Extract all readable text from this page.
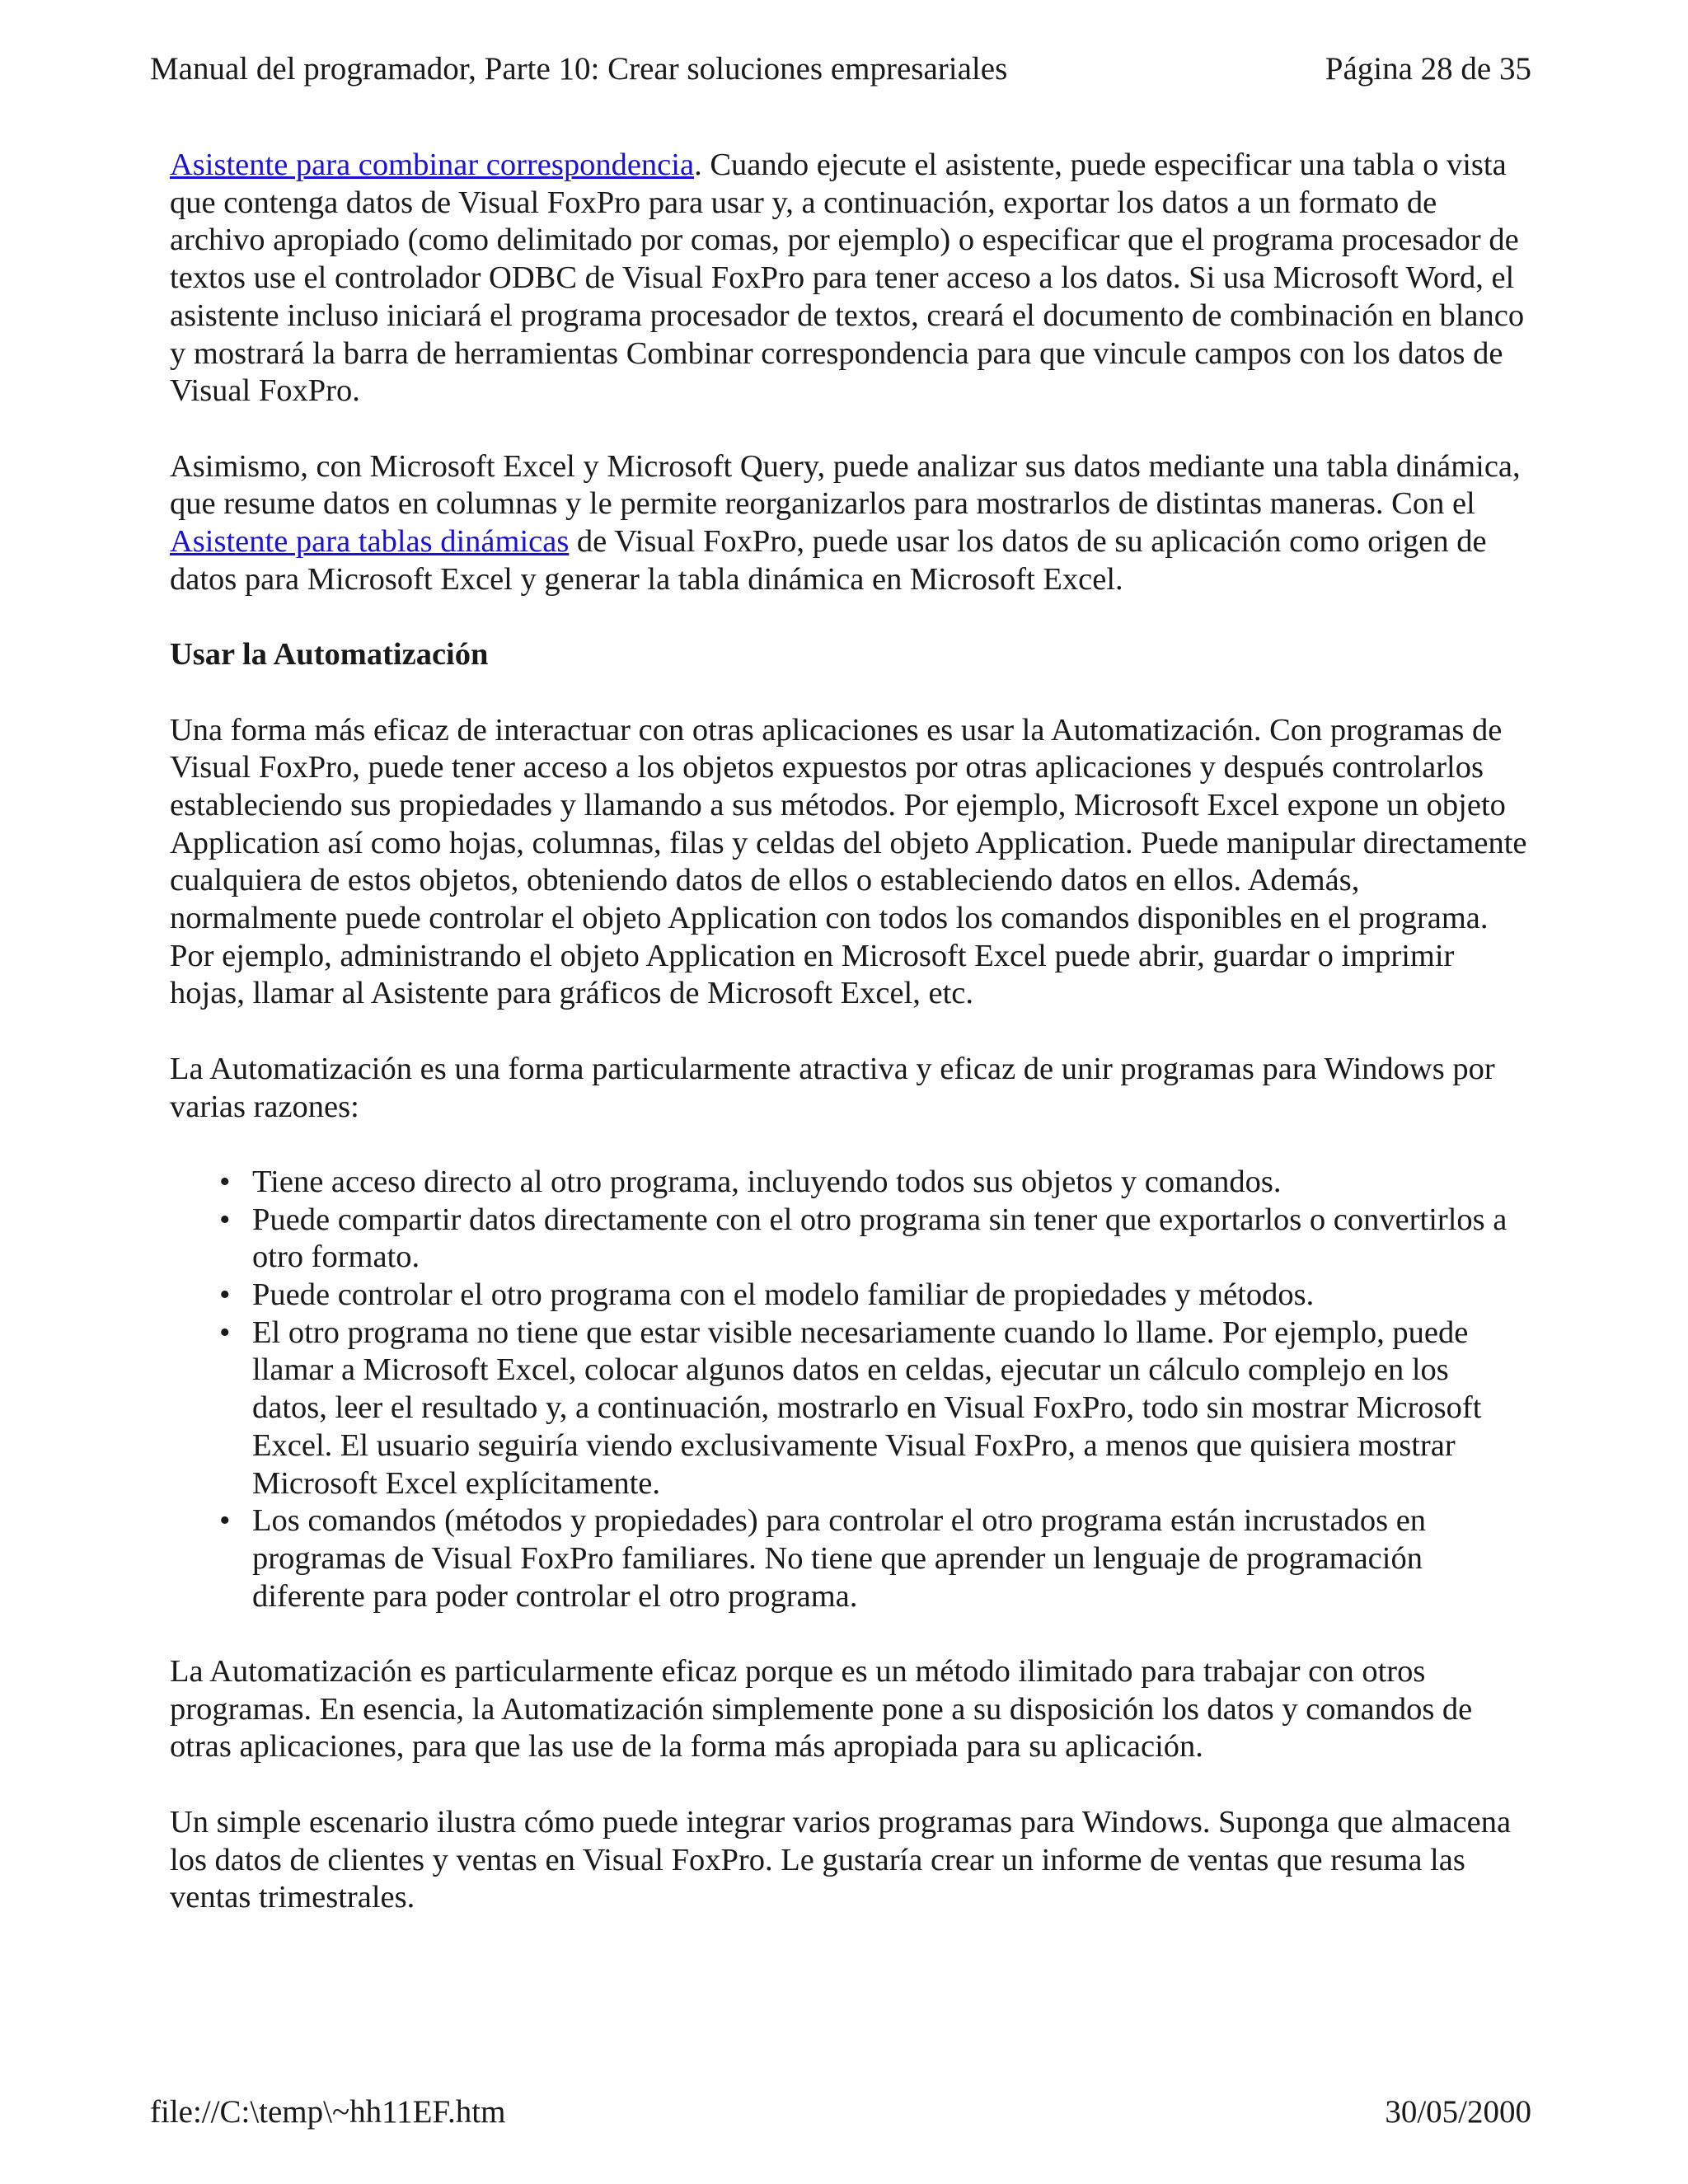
Manual del programador, Parte 10: Crear soluciones empresariales	Página 28 de 35

Asistente para combinar correspondencia. Cuando ejecute el asistente, puede especificar una tabla o vista que contenga datos de Visual FoxPro para usar y, a continuación, exportar los datos a un formato de archivo apropiado (como delimitado por comas, por ejemplo) o especificar que el programa procesador de textos use el controlador ODBC de Visual FoxPro para tener acceso a los datos. Si usa Microsoft Word, el asistente incluso iniciará el programa procesador de textos, creará el documento de combinación en blanco y mostrará la barra de herramientas Combinar correspondencia para que vincule campos con los datos de Visual FoxPro.

Asimismo, con Microsoft Excel y Microsoft Query, puede analizar sus datos mediante una tabla dinámica, que resume datos en columnas y le permite reorganizarlos para mostrarlos de distintas maneras. Con el Asistente para tablas dinámicas de Visual FoxPro, puede usar los datos de su aplicación como origen de datos para Microsoft Excel y generar la tabla dinámica en Microsoft Excel.

Usar la Automatización

Una forma más eficaz de interactuar con otras aplicaciones es usar la Automatización. Con programas de Visual FoxPro, puede tener acceso a los objetos expuestos por otras aplicaciones y después controlarlos estableciendo sus propiedades y llamando a sus métodos. Por ejemplo, Microsoft Excel expone un objeto Application así como hojas, columnas, filas y celdas del objeto Application. Puede manipular directamente cualquiera de estos objetos, obteniendo datos de ellos o estableciendo datos en ellos. Además, normalmente puede controlar el objeto Application con todos los comandos disponibles en el programa. Por ejemplo, administrando el objeto Application en Microsoft Excel puede abrir, guardar o imprimir hojas, llamar al Asistente para gráficos de Microsoft Excel, etc.

La Automatización es una forma particularmente atractiva y eficaz de unir programas para Windows por varias razones:

• Tiene acceso directo al otro programa, incluyendo todos sus objetos y comandos.
• Puede compartir datos directamente con el otro programa sin tener que exportarlos o convertirlos a otro formato.
• Puede controlar el otro programa con el modelo familiar de propiedades y métodos.
• El otro programa no tiene que estar visible necesariamente cuando lo llame. Por ejemplo, puede llamar a Microsoft Excel, colocar algunos datos en celdas, ejecutar un cálculo complejo en los datos, leer el resultado y, a continuación, mostrarlo en Visual FoxPro, todo sin mostrar Microsoft Excel. El usuario seguiría viendo exclusivamente Visual FoxPro, a menos que quisiera mostrar Microsoft Excel explícitamente.
• Los comandos (métodos y propiedades) para controlar el otro programa están incrustados en programas de Visual FoxPro familiares. No tiene que aprender un lenguaje de programación diferente para poder controlar el otro programa.

La Automatización es particularmente eficaz porque es un método ilimitado para trabajar con otros programas. En esencia, la Automatización simplemente pone a su disposición los datos y comandos de otras aplicaciones, para que las use de la forma más apropiada para su aplicación.

Un simple escenario ilustra cómo puede integrar varios programas para Windows. Suponga que almacena los datos de clientes y ventas en Visual FoxPro. Le gustaría crear un informe de ventas que resuma las ventas trimestrales.

file://C:\temp\~hh11EF.htm	30/05/2000
